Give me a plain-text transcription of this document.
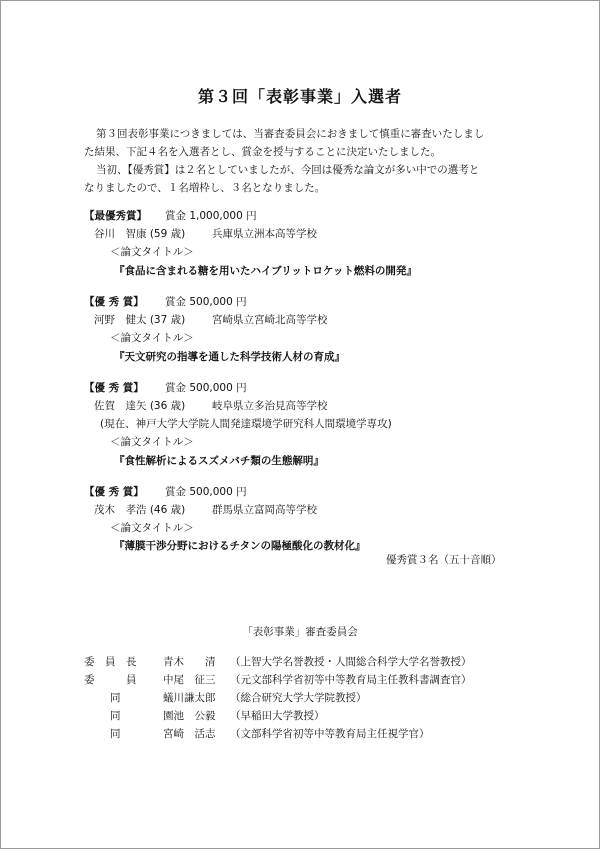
第３回「表彰事業」入選者
第３回表彰事業につきましては、当審査委員会におきまして慎重に審査いたしまし
た結果、下記４名を入選者とし、賞金を授与することに決定いたしました。
当初、【優秀賞】は２名としていましたが、今回は優秀な論文が多い中での選考と
なりましたので、１名増枠し、３名となりました。
【最優秀賞】 賞金 1,000,000 円
谷川　智康 (59 歳)	兵庫県立洲本高等学校
＜論文タイトル＞
『食品に含まれる糖を用いたハイブリットロケット燃料の開発』
【優 秀 賞】 賞金 500,000 円
河野　健太 (37 歳)	宮崎県立宮崎北高等学校
＜論文タイトル＞
『天文研究の指導を通した科学技術人材の育成』
【優 秀 賞】 賞金 500,000 円
佐賀　達矢 (36 歳)	岐阜県立多治見高等学校
(現在、神戸大学大学院人間発達環境学研究科人間環境学専攻)
＜論文タイトル＞
『食性解析によるスズメバチ類の生態解明』
【優 秀 賞】 賞金 500,000 円
茂木　孝浩 (46 歳)	群馬県立富岡高等学校
＜論文タイトル＞
『薄膜干渉分野におけるチタンの陽極酸化の教材化』
優秀賞３名（五十音順）
「表彰事業」審査委員会
委　員　長	青木　　清 （上智大学名誉教授・人間総合科学大学名誉教授）
委　　　員	中尾　征三 （元文部科学省初等中等教育局主任教科書調査官）
同	蟻川謙太郎 （総合研究大学大学院教授）
同	園池　公毅 （早稲田大学教授）
同	宮崎　活志 （文部科学省初等中等教育局主任視学官）
